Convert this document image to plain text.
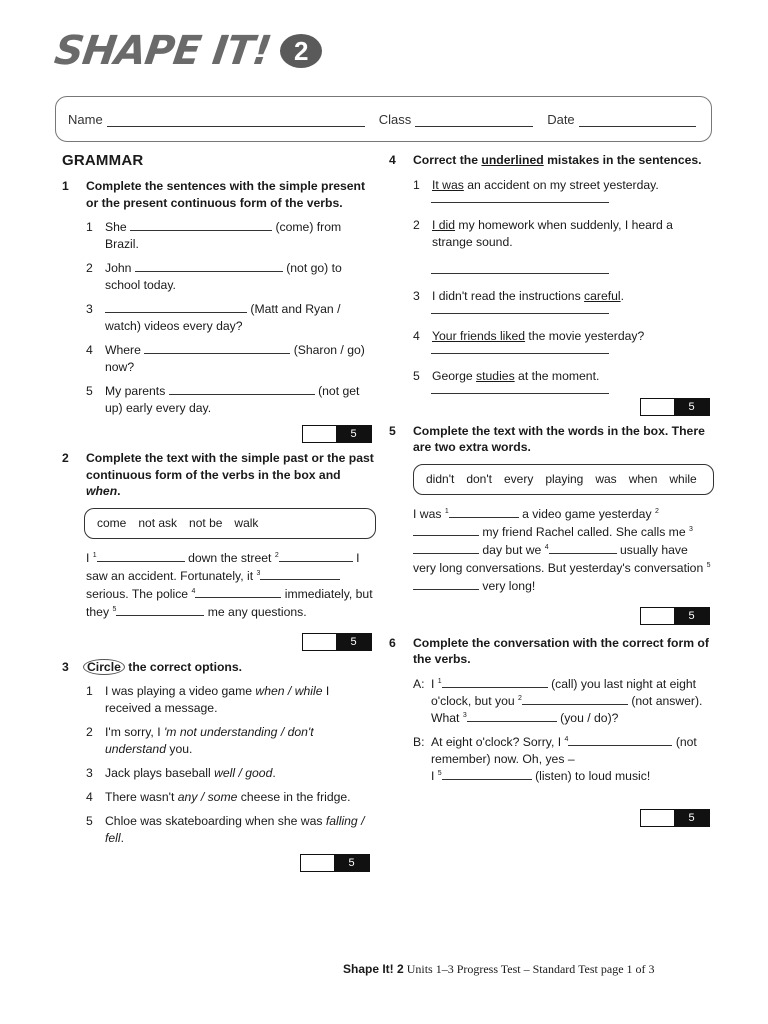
SHAPE IT! 2
Name	Class	Date
GRAMMAR
1	Complete the sentences with the simple present or the present continuous form of the verbs.
1	She	(come) from Brazil.
2	John	(not go) to school today.
3	(Matt and Ryan / watch) videos every day?
4	Where	(Sharon / go) now?
5	My parents	(not get up) early every day.
5
2	Complete the text with the simple past or the past continuous form of the verbs in the box and when.
come not ask not be walk
I $^1$	down the street $^2$	I saw an accident. Fortunately, it $^3$ serious. The police $^4$	immediately, but they $^5$	me any questions.
5
3	Circle the correct options.
1	I was playing a video game when / while I received a message.
2	I'm sorry, I 'm not understanding / don't understand you.
3	Jack plays baseball well / good.
4	There wasn't any / some cheese in the fridge.
5	Chloe was skateboarding when she was falling / fell.
5
4	Correct the underlined mistakes in the sentences.
1	It was an accident on my street yesterday.
2	I did my homework when suddenly, I heard a strange sound.
3	I didn't read the instructions careful.
4	Your friends liked the movie yesterday?
5	George studies at the moment.
5
5	Complete the text with the words in the box. There are two extra words.
didn't don't every playing was when while
I was $^1$	a video game yesterday $^2$ my friend Rachel called. She calls me $^3$ day but we $^4$	usually have very long conversations. But yesterday's conversation $^5$ very long!
5
6	Complete the conversation with the correct form of the verbs.
A: I $^1$	(call) you last night at eight o'clock, but you $^2$	(not answer). What $^3$	(you / do)?
B: At eight o'clock? Sorry, I $^4$	(not remember) now. Oh, yes –
I $^5$	(listen) to loud music!
5
Shape It! 2 Units 1–3 Progress Test – Standard Test page 1 of 3
